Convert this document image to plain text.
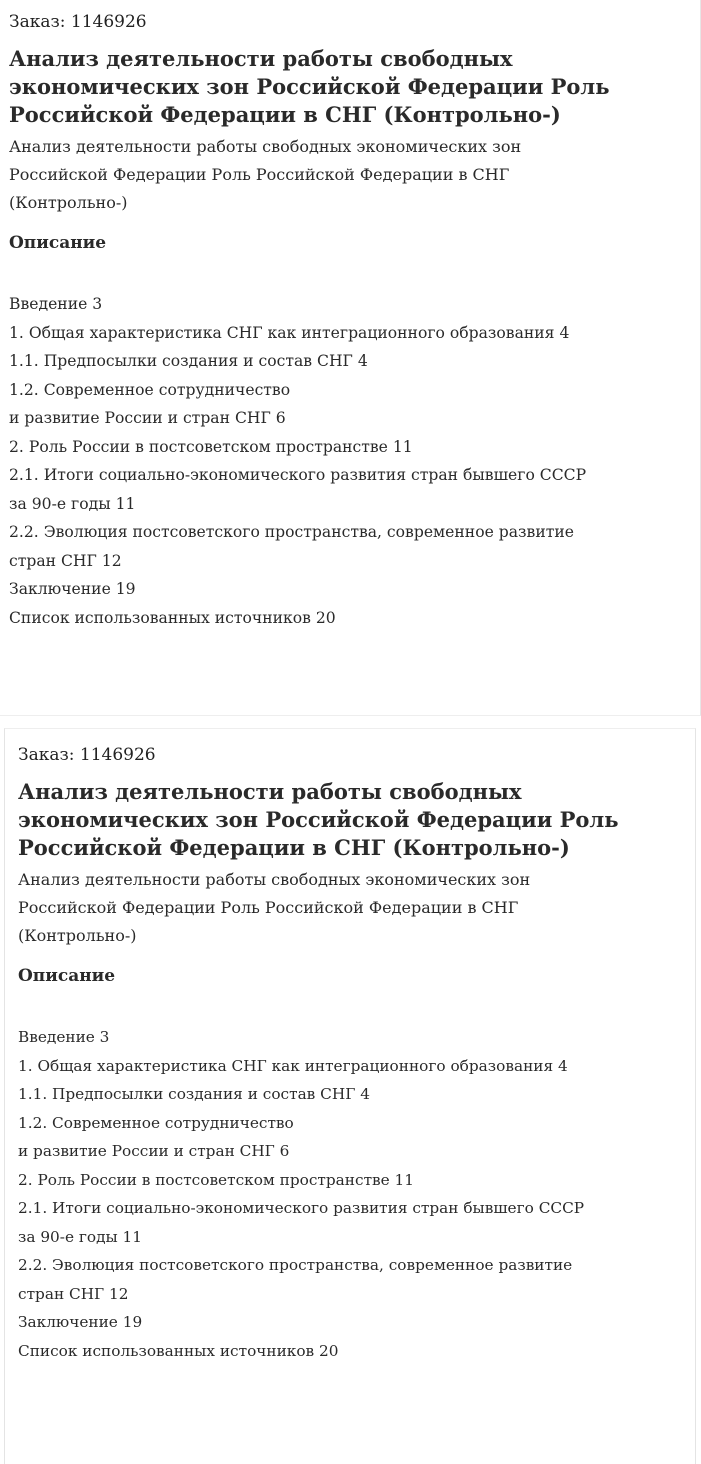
Заказ: 1146926
Анализ деятельности работы свободных
экономических зон Российской Федерации Роль
Российской Федерации в СНГ (Контрольно-)

Анализ деятельности работы свободных экономических зон
Российской Федерации Роль Российской Федерации в СНГ
(Контрольно-)

Описание
Введение 3
1. Общая характеристика СНГ как интеграционного образования 4
1.1. Предпосылки создания и состав СНГ 4
1.2. Современное сотрудничество
и развитие России и стран СНГ 6
2. Роль России в постсоветском пространстве 11
2.1. Итоги социально-экономического развития стран бывшего СССР
за 90-е годы 11
2.2. Эволюция постсоветского пространства, современное развитие
стран СНГ 12
Заключение 19
Список использованных источников 20
Заказ: 1146926
Анализ деятельности работы свободных
экономических зон Российской Федерации Роль
Российской Федерации в СНГ (Контрольно-)

Анализ деятельности работы свободных экономических зон
Российской Федерации Роль Российской Федерации в СНГ
(Контрольно-)

Описание
Введение 3
1. Общая характеристика СНГ как интеграционного образования 4
1.1. Предпосылки создания и состав СНГ 4
1.2. Современное сотрудничество
и развитие России и стран СНГ 6
2. Роль России в постсоветском пространстве 11
2.1. Итоги социально-экономического развития стран бывшего СССР
за 90-е годы 11
2.2. Эволюция постсоветского пространства, современное развитие
стран СНГ 12
Заключение 19
Список использованных источников 20
